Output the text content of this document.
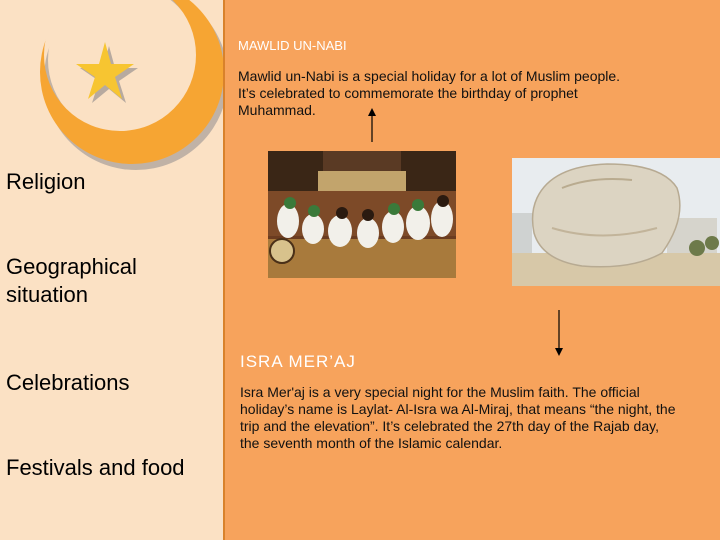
Religion
Geographical situation
Celebrations
Festivals and food
MAWLID UN-NABI
Mawlid un-Nabi is a special holiday for a lot of Muslim people. It’s celebrated to commemorate the birthday of prophet Muhammad.
ISRA MER’AJ
Isra Mer'aj is a very special night for the Muslim faith. The official holiday’s name is Laylat- Al-Isra wa Al-Miraj, that means “the night, the trip and the elevation”. It’s celebrated the 27th day of the Rajab day, the seventh month of the Islamic calendar.
